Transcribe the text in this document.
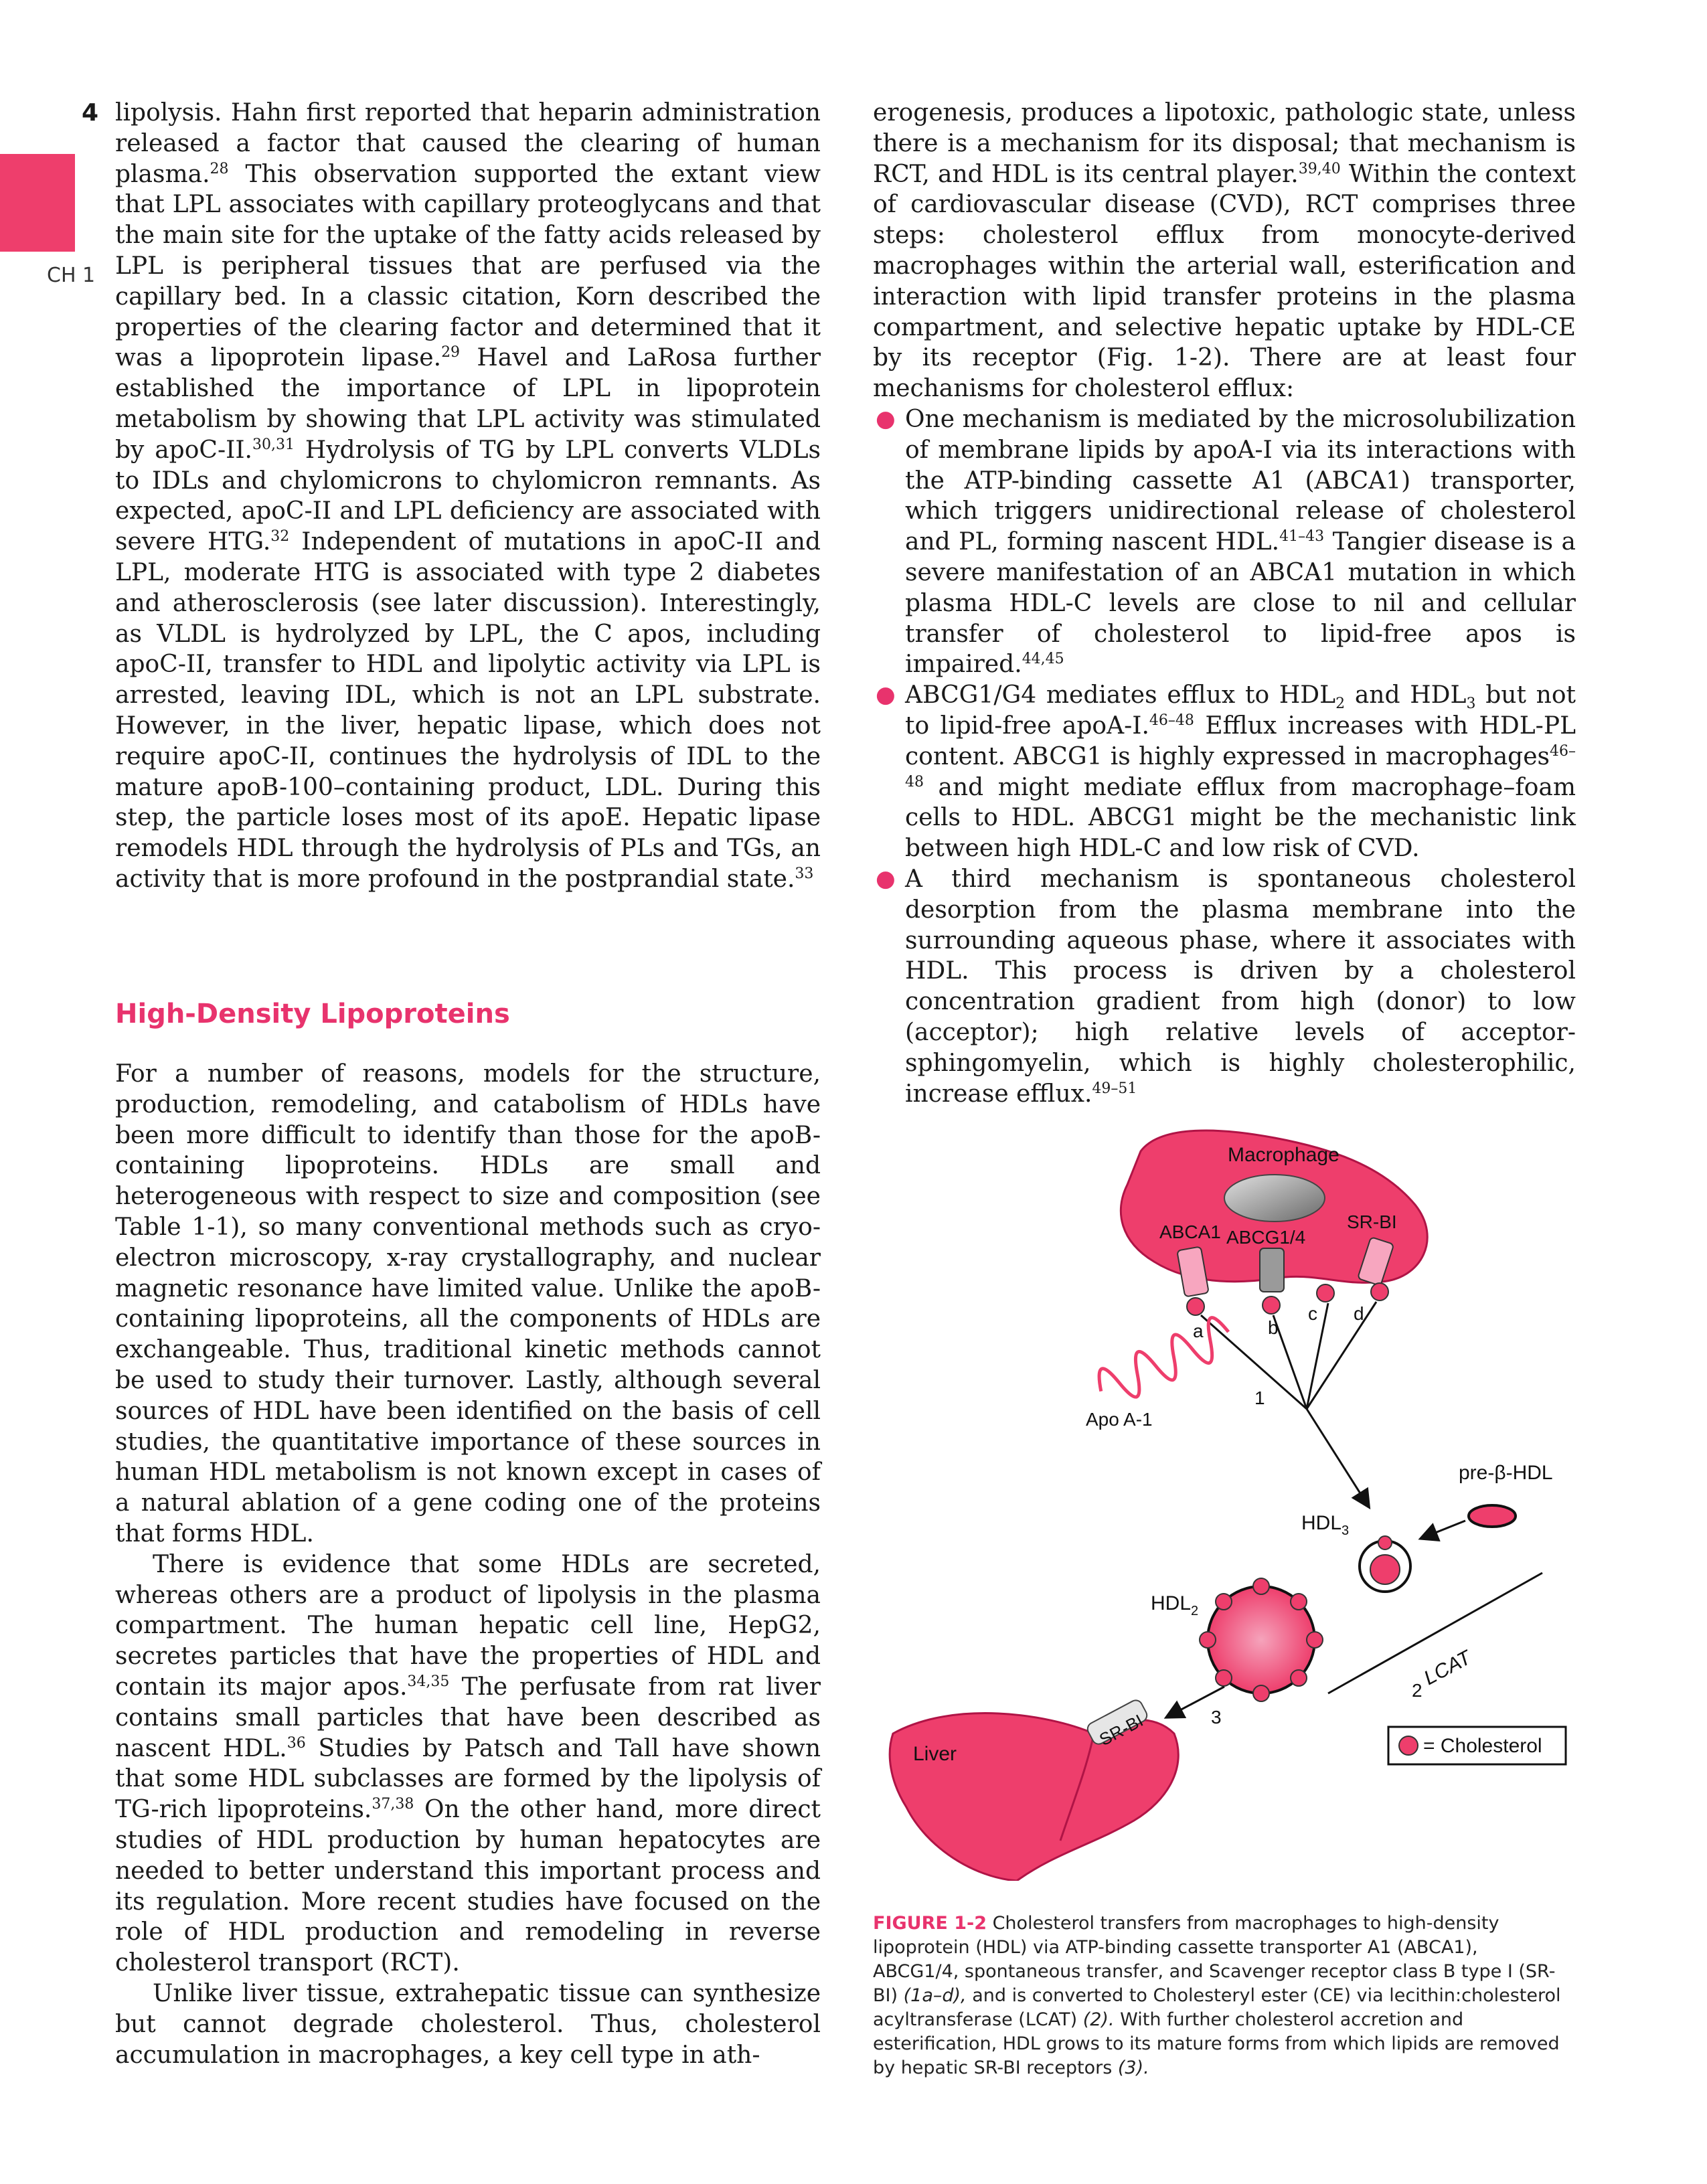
CH 1
4 lipolysis. Hahn first reported that heparin administration released a factor that caused the clearing of human plasma.$^{28}$ This observation supported the extant view that LPL associates with capillary proteoglycans and that the main site for the uptake of the fatty acids released by LPL is peripheral tissues that are perfused via the capillary bed. In a classic citation, Korn described the properties of the clearing factor and determined that it was a lipoprotein lipase.$^{29}$ Havel and LaRosa further established the importance of LPL in lipoprotein metabolism by showing that LPL activity was stimulated by apoC-II.$^{30,31}$ Hydrolysis of TG by LPL converts VLDLs to IDLs and chylomicrons to chylomicron remnants. As expected, apoC-II and LPL deficiency are associated with severe HTG.$^{32}$ Independent of mutations in apoC-II and LPL, moderate HTG is associated with type 2 diabetes and atherosclerosis (see later discussion). Interestingly, as VLDL is hydrolyzed by LPL, the C apos, including apoC-II, transfer to HDL and lipolytic activity via LPL is arrested, leaving IDL, which is not an LPL substrate. However, in the liver, hepatic lipase, which does not require apoC-II, continues the hydrolysis of IDL to the mature apoB-100–containing product, LDL. During this step, the particle loses most of its apoE. Hepatic lipase remodels HDL through the hydrolysis of PLs and TGs, an activity that is more profound in the postprandial state.$^{33}$

High-Density Lipoproteins

For a number of reasons, models for the structure, production, remodeling, and catabolism of HDLs have been more difficult to identify than those for the apoB-containing lipoproteins. HDLs are small and heterogeneous with respect to size and composition (see Table 1-1), so many conventional methods such as cryo-electron microscopy, x-ray crystallography, and nuclear magnetic resonance have limited value. Unlike the apoB-containing lipoproteins, all the components of HDLs are exchangeable. Thus, traditional kinetic methods cannot be used to study their turnover. Lastly, although several sources of HDL have been identified on the basis of cell studies, the quantitative importance of these sources in human HDL metabolism is not known except in cases of a natural ablation of a gene coding one of the proteins that forms HDL.

There is evidence that some HDLs are secreted, whereas others are a product of lipolysis in the plasma compartment. The human hepatic cell line, HepG2, secretes particles that have the properties of HDL and contain its major apos.$^{34,35}$ The perfusate from rat liver contains small particles that have been described as nascent HDL.$^{36}$ Studies by Patsch and Tall have shown that some HDL subclasses are formed by the lipolysis of TG-rich lipoproteins.$^{37,38}$ On the other hand, more direct studies of HDL production by human hepatocytes are needed to better understand this important process and its regulation. More recent studies have focused on the role of HDL production and remodeling in reverse cholesterol transport (RCT).

Unlike liver tissue, extrahepatic tissue can synthesize but cannot degrade cholesterol. Thus, cholesterol accumulation in macrophages, a key cell type in ath-

erogenesis, produces a lipotoxic, pathologic state, unless there is a mechanism for its disposal; that mechanism is RCT, and HDL is its central player.$^{39,40}$ Within the context of cardiovascular disease (CVD), RCT comprises three steps: cholesterol efflux from monocyte-derived macrophages within the arterial wall, esterification and interaction with lipid transfer proteins in the plasma compartment, and selective hepatic uptake by HDL-CE by its receptor (Fig. 1-2). There are at least four mechanisms for cholesterol efflux:

● One mechanism is mediated by the microsolubilization of membrane lipids by apoA-I via its interactions with the ATP-binding cassette A1 (ABCA1) transporter, which triggers unidirectional release of cholesterol and PL, forming nascent HDL.$^{41-43}$ Tangier disease is a severe manifestation of an ABCA1 mutation in which plasma HDL-C levels are close to nil and cellular transfer of cholesterol to lipid-free apos is impaired.$^{44,45}$
● ABCG1/G4 mediates efflux to $HDL_2$ and $HDL_3$ but not to lipid-free apoA-I.$^{46-48}$ Efflux increases with HDL-PL content. ABCG1 is highly expressed in macrophages$^{46-48}$ and might mediate efflux from macrophage–foam cells to HDL. ABCG1 might be the mechanistic link between high HDL-C and low risk of CVD.
● A third mechanism is spontaneous cholesterol desorption from the plasma membrane into the surrounding aqueous phase, where it associates with HDL. This process is driven by a cholesterol concentration gradient from high (donor) to low (acceptor); high relative levels of acceptor-sphingomyelin, which is highly cholesterophilic, increase efflux.$^{49-51}$
Macrophage
ABCA1 ABCG1/4
SR-BI
a	b
c d
1
Apo A-1
pre-β-HDL
$HDL_3$
$HDL_2$
2
LCAT
3
Liver
SR-BI	= Cholesterol
FIGURE 1-2 Cholesterol transfers from macrophages to high-density lipoprotein (HDL) via ATP-binding cassette transporter A1 (ABCA1), ABCG1/4, spontaneous transfer, and Scavenger receptor class B type I (SR-BI) (1a–d), and is converted to Cholesteryl ester (CE) via lecithin:cholesterol acyltransferase (LCAT) (2). With further cholesterol accretion and esterification, HDL grows to its mature forms from which lipids are removed by hepatic SR-BI receptors (3).
